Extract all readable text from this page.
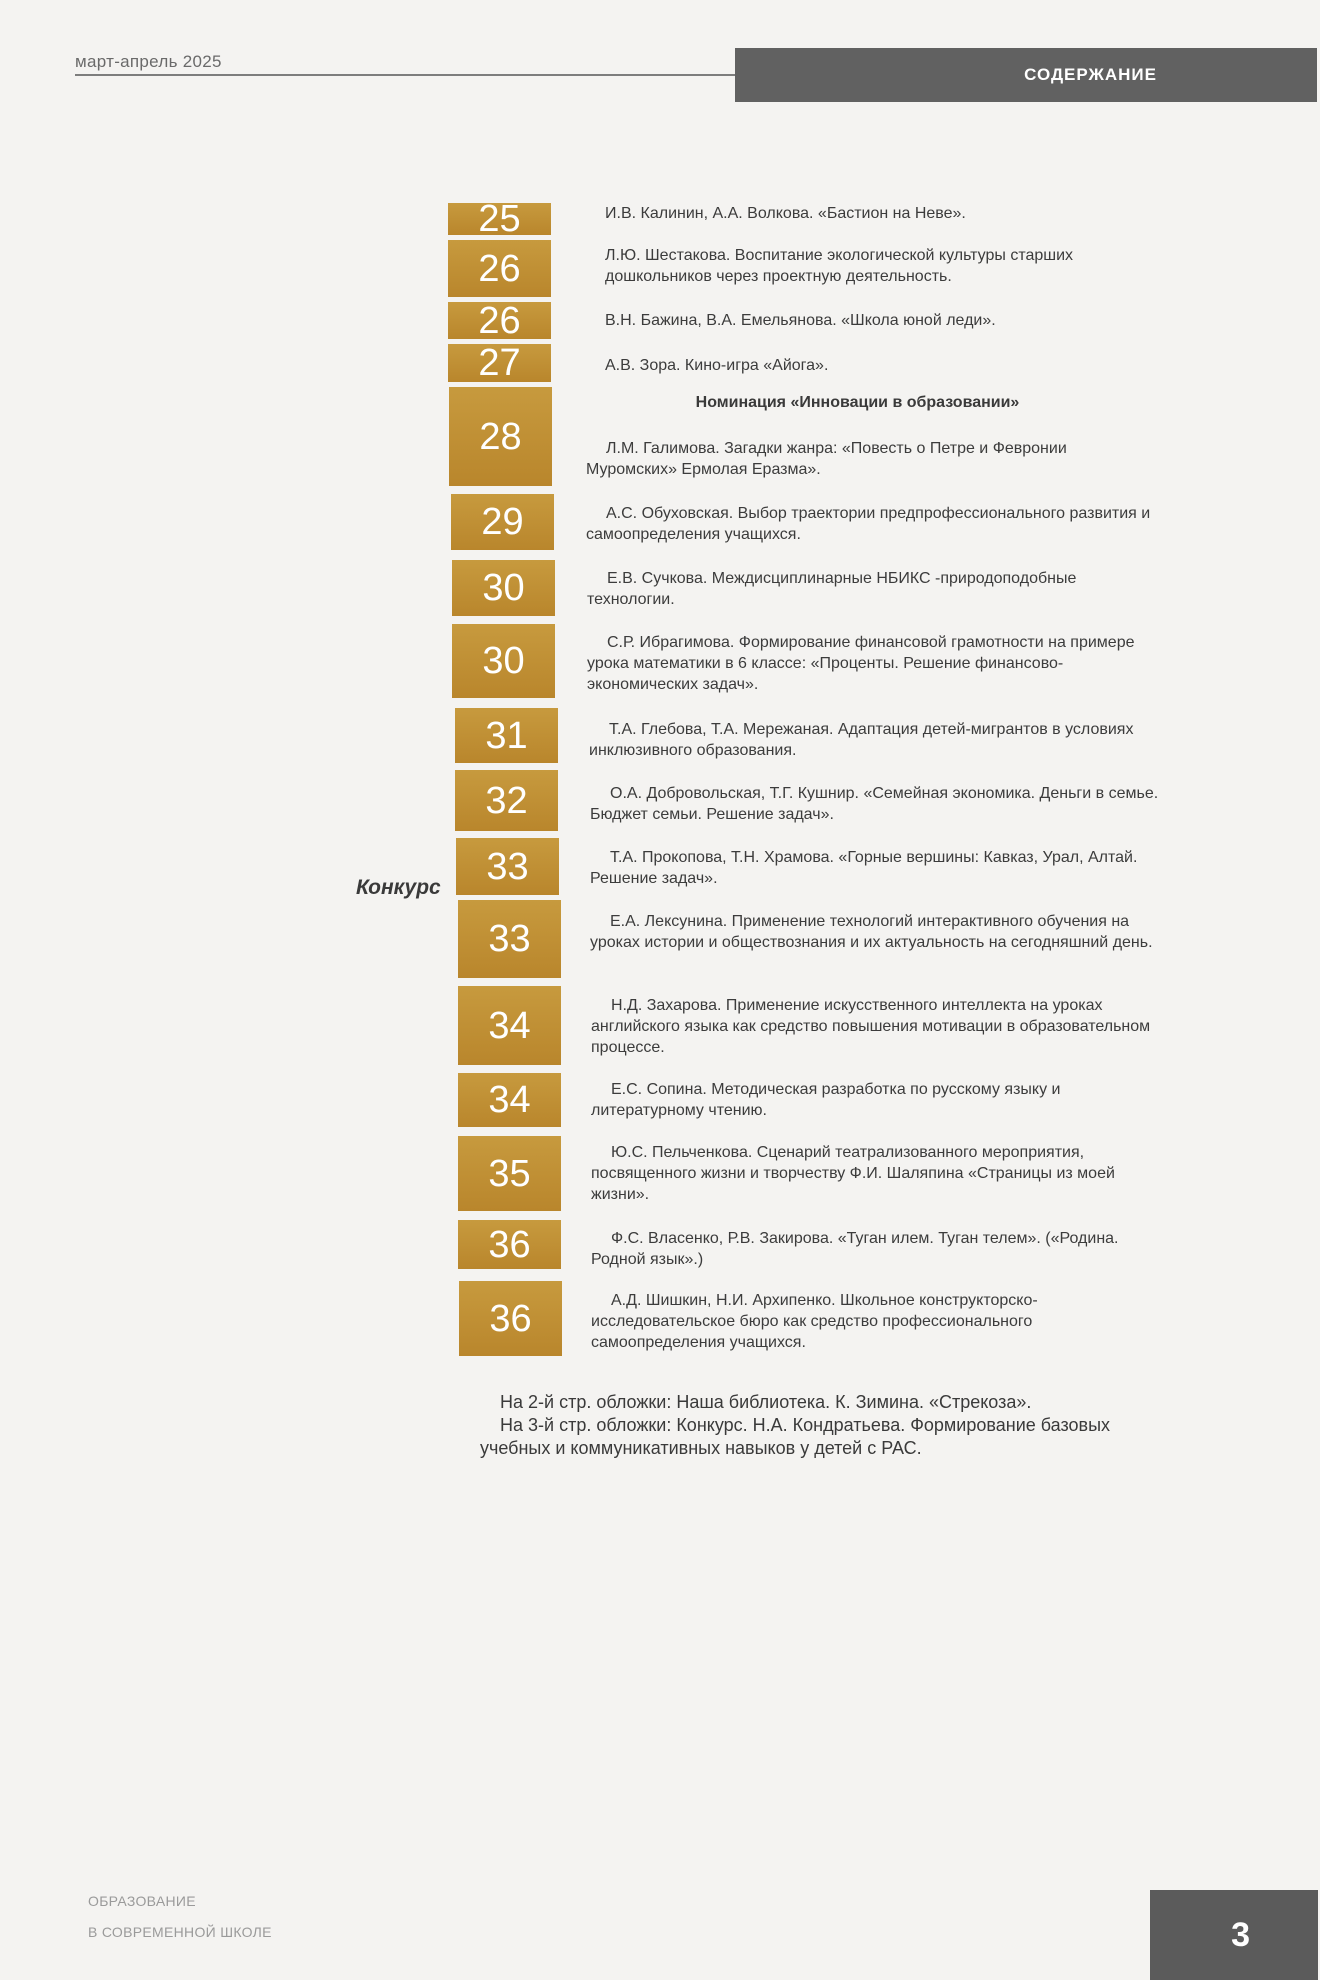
март-апрель 2025
СОДЕРЖАНИЕ
Конкурс
25	И.В. Калинин, А.А. Волкова. «Бастион на Неве».
26	Л.Ю. Шестакова. Воспитание экологической культуры старших дошкольников через проектную деятельность.
26	В.Н. Бажина, В.А. Емельянова. «Школа юной леди».
27	А.В. Зора. Кино-игра «Айога».
28	Л.М. Галимова. Загадки жанра: «Повесть о Петре и Февронии Муромских» Ермолая Еразма».
29	А.С. Обуховская. Выбор траектории предпрофессионального развития и самоопределения учащихся.
30	Е.В. Сучкова. Междисциплинарные НБИКС -природоподобные технологии.
30	С.Р. Ибрагимова. Формирование финансовой грамотности на примере урока математики в 6 классе: «Проценты. Решение финансово-экономических задач».
31	Т.А. Глебова, Т.А. Мережаная. Адаптация детей-мигрантов в условиях инклюзивного образования.
32	О.А. Добровольская, Т.Г. Кушнир. «Семейная экономика. Деньги в семье. Бюджет семьи. Решение задач».
33	Т.А. Прокопова, Т.Н. Храмова. «Горные вершины: Кавказ, Урал, Алтай. Решение задач».
33	Е.А. Лексунина. Применение технологий интерактивного обучения на уроках истории и обществознания и их актуальность на сегодняшний день.
34	Н.Д. Захарова. Применение искусственного интеллекта на уроках английского языка как средство повышения мотивации в образовательном процессе.
34	Е.С. Сопина. Методическая разработка по русскому языку и литературному чтению.
35	Ю.С. Пельченкова. Сценарий театрализованного мероприятия, посвященного жизни и творчеству Ф.И. Шаляпина «Страницы из моей жизни».
36	Ф.С. Власенко, Р.В. Закирова. «Туган илем. Туган телем». («Родина. Родной язык».)
36	А.Д. Шишкин, Н.И. Архипенко. Школьное конструкторско-исследовательское бюро как средство профессионального самоопределения учащихся.
Номинация «Инновации в образовании»

На 2-й стр. обложки: Наша библиотека. К. Зимина. «Стрекоза».

На 3-й стр. обложки: Конкурс. Н.А. Кондратьева. Формирование базовых учебных и коммуникативных навыков у детей с РАС.

ОБРАЗОВАНИЕ
В СОВРЕМЕННОЙ ШКОЛЕ	3
